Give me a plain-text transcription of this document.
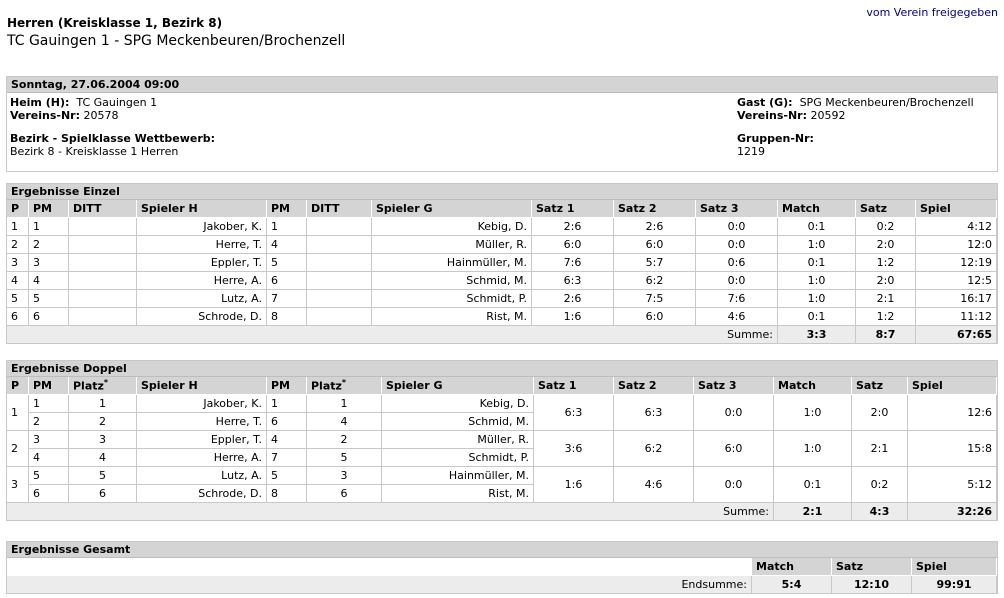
vom Verein freigegeben
Herren (Kreisklasse 1, Bezirk 8)
TC Gauingen 1 - SPG Meckenbeuren/Brochenzell
Sonntag, 27.06.2004 09:00
Heim (H): TC Gauingen 1
Vereins-Nr: 20578
Gast (G): SPG Meckenbeuren/Brochenzell
Vereins-Nr: 20592
Bezirk - Spielklasse Wettbewerb:
Bezirk 8 - Kreisklasse 1 Herren
Gruppen-Nr:
1219
Ergebnisse Einzel
P	PM	DITT	Spieler H	PM	DITT	Spieler G	Satz 1	Satz 2	Satz 3	Match	Satz	Spiel
1	1		Jakober, K.	1		Kebig, D.	2:6	2:6	0:0	0:1	0:2	4:12
2	2		Herre, T.	4		Müller, R.	6:0	6:0	0:0	1:0	2:0	12:0
3	3		Eppler, T.	5		Hainmüller, M.	7:6	5:7	0:6	0:1	1:2	12:19
4	4		Herre, A.	6		Schmid, M.	6:3	6:2	0:0	1:0	2:0	12:5
5	5		Lutz, A.	7		Schmidt, P.	2:6	7:5	7:6	1:0	2:1	16:17
6	6		Schrode, D.	8		Rist, M.	1:6	6:0	4:6	0:1	1:2	11:12
Summe:										3:3	8:7	67:65
Ergebnisse Doppel
P	PM	Platz*	Spieler H	PM	Platz*	Spieler G	Satz 1	Satz 2	Satz 3	Match	Satz	Spiel
1	1	1	Jakober, K.	1	1	Kebig, D.	6:3	6:3	0:0	1:0	2:0	12:6
	2	2	Herre, T.	6	4	Schmid, M.						
2	3	3	Eppler, T.	4	2	Müller, R.	3:6	6:2	6:0	1:0	2:1	15:8
	4	4	Herre, A.	7	5	Schmidt, P.						
3	5	5	Lutz, A.	5	3	Hainmüller, M.	1:6	4:6	0:0	0:1	0:2	5:12
	6	6	Schrode, D.	8	6	Rist, M.						
Summe:										2:1	4:3	32:26
Ergebnisse Gesamt
	Match	Satz	Spiel
Endsumme:	5:4	12:10	99:91
